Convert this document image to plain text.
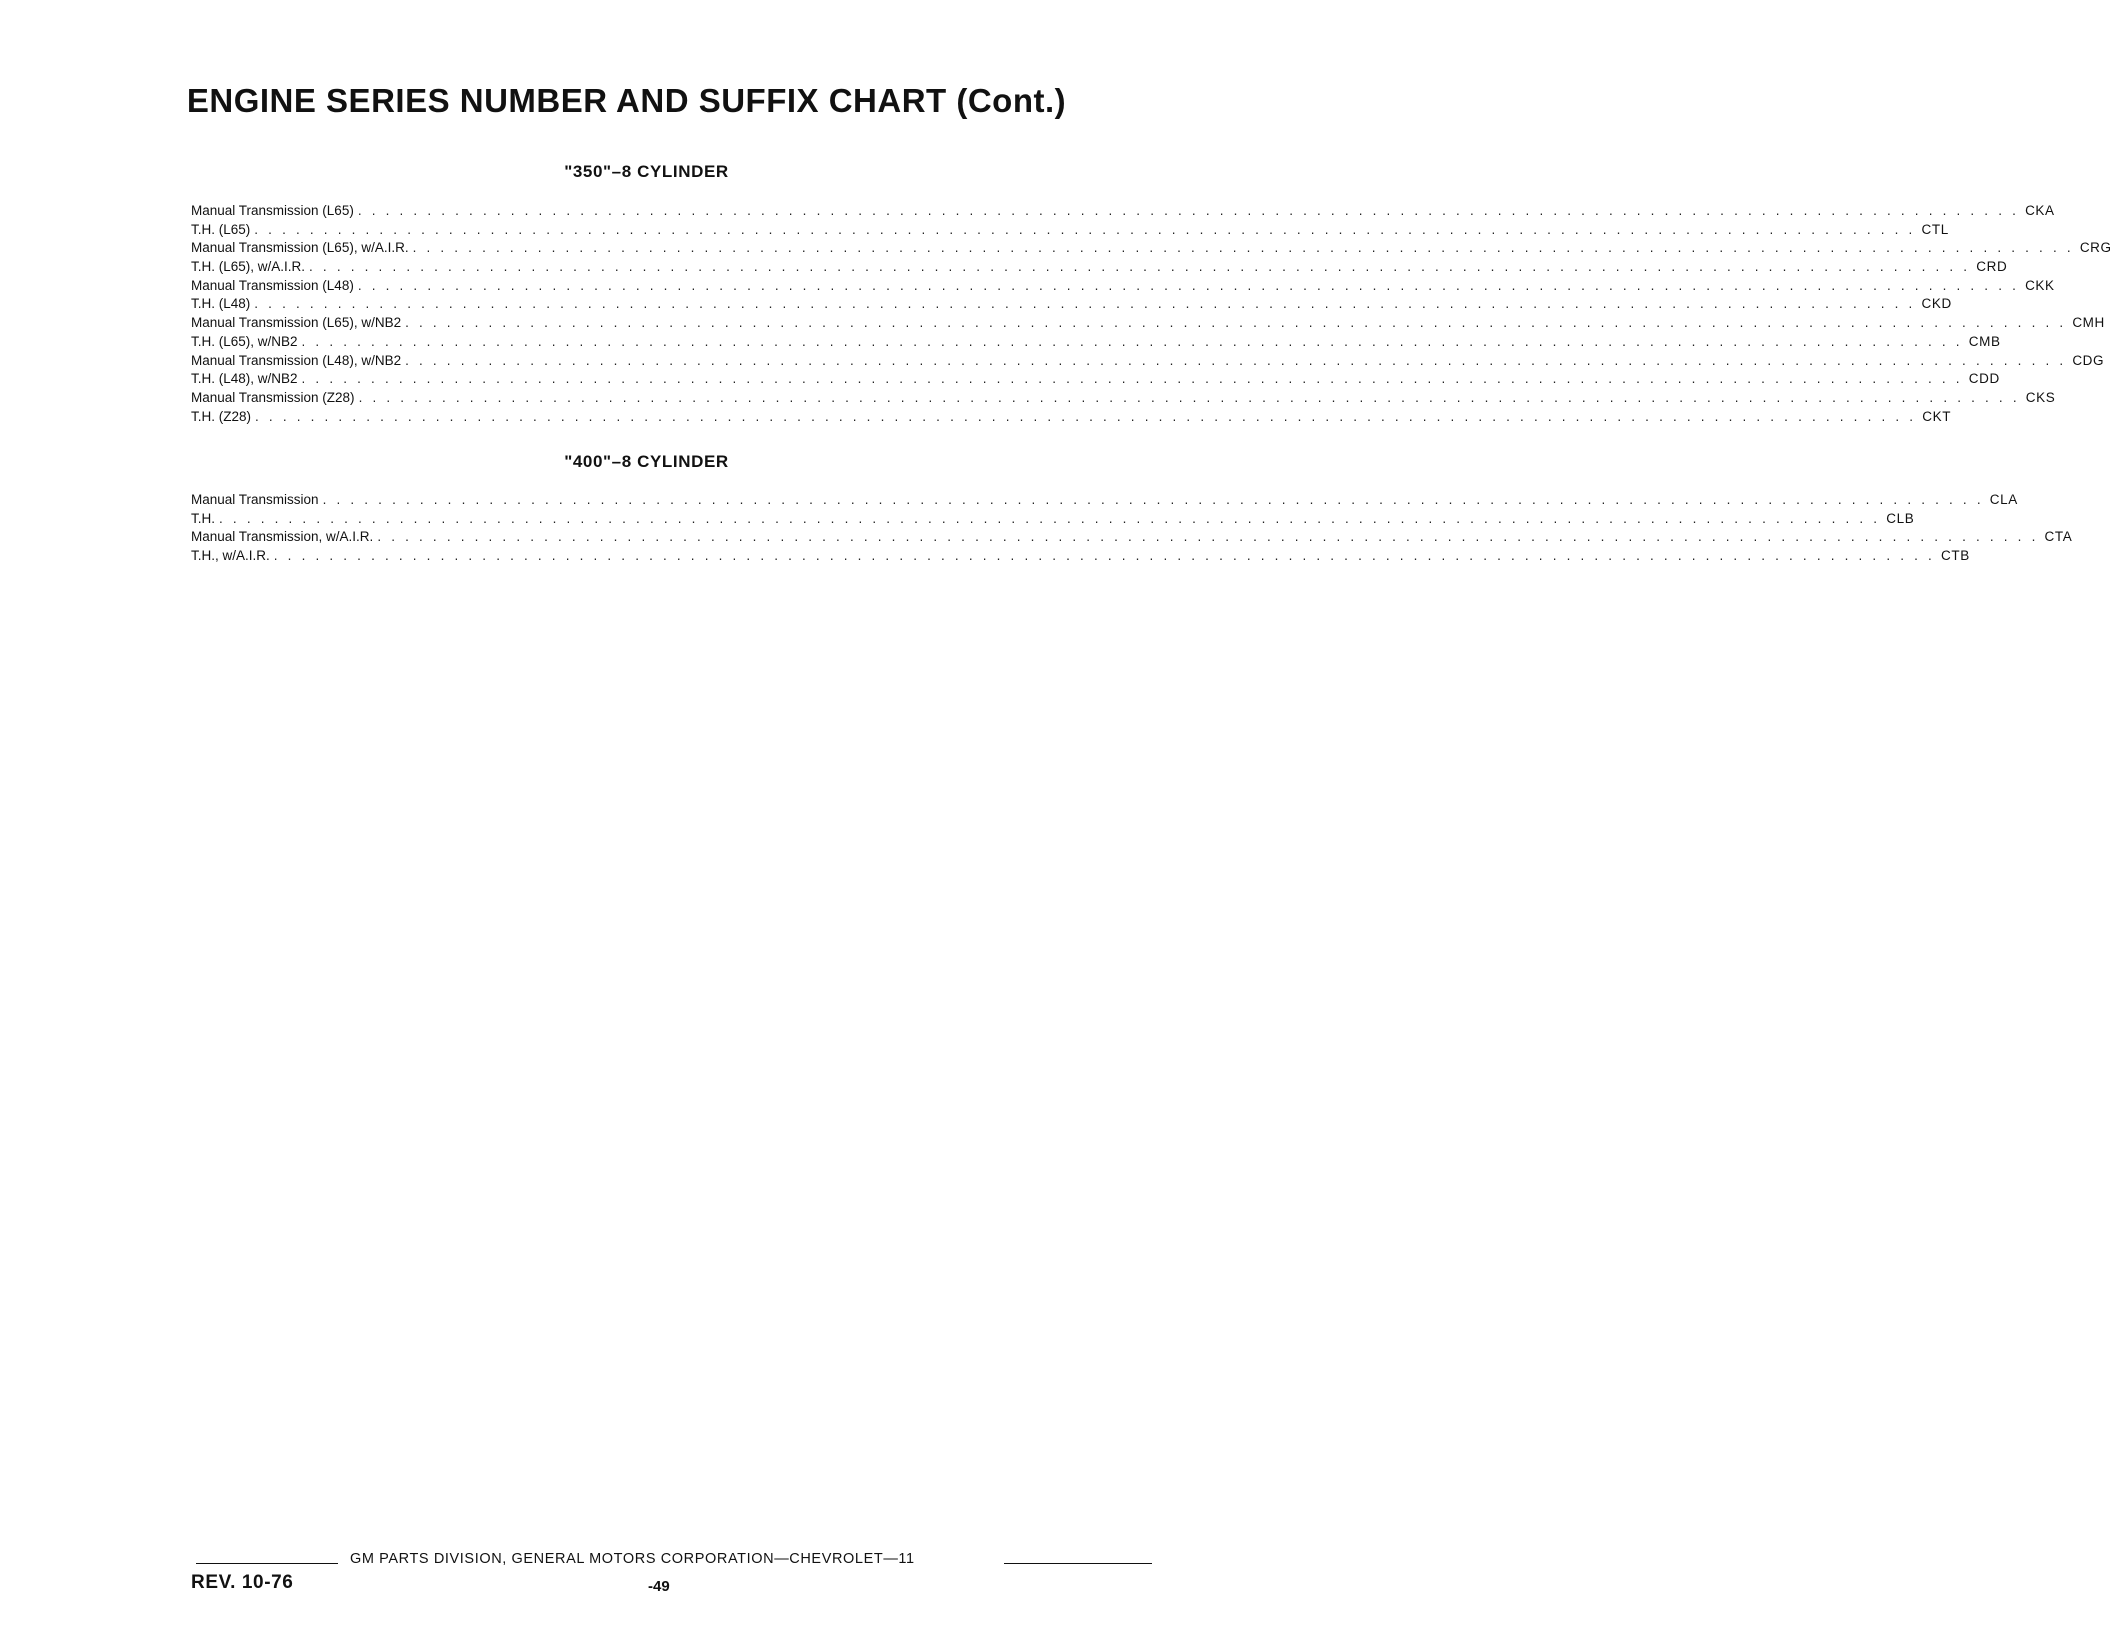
ENGINE SERIES NUMBER AND SUFFIX CHART (Cont.)
"350"–8 CYLINDER
Manual Transmission (L65) . . . . . . . . . . . . . . . . . . . . . . . . . . . . . . . . . . . . . . . . . . . . . . . . . . . . . . . . . . . . . . . . . . . . . . . . . . . . . . . . . . . . . . . . . . . . . . . . . . . . . . . . . . . . . . . . . . . . . . . . CKA
T.H. (L65) . . . . . . . . . . . . . . . . . . . . . . . . . . . . . . . . . . . . . . . . . . . . . . . . . . . . . . . . . . . . . . . . . . . . . . . . . . . . . . . . . . . . . . . . . . . . . . . . . . . . . . . . . . . . . . . . . . . . . . . . CTL
Manual Transmission (L65), w/A.I.R. . . . . . . . . . . . . . . . . . . . . . . . . . . . . . . . . . . . . . . . . . . . . . . . . . . . . . . . . . . . . . . . . . . . . . . . . . . . . . . . . . . . . . . . . . . . . . . . . . . . . . . . . . . . . . . . . . . . . . . . . CRG
T.H. (L65), w/A.I.R. . . . . . . . . . . . . . . . . . . . . . . . . . . . . . . . . . . . . . . . . . . . . . . . . . . . . . . . . . . . . . . . . . . . . . . . . . . . . . . . . . . . . . . . . . . . . . . . . . . . . . . . . . . . . . . . . . . . . . . . . CRD
Manual Transmission (L48) . . . . . . . . . . . . . . . . . . . . . . . . . . . . . . . . . . . . . . . . . . . . . . . . . . . . . . . . . . . . . . . . . . . . . . . . . . . . . . . . . . . . . . . . . . . . . . . . . . . . . . . . . . . . . . . . . . . . . . . . CKK
T.H. (L48) . . . . . . . . . . . . . . . . . . . . . . . . . . . . . . . . . . . . . . . . . . . . . . . . . . . . . . . . . . . . . . . . . . . . . . . . . . . . . . . . . . . . . . . . . . . . . . . . . . . . . . . . . . . . . . . . . . . . . . . . CKD
Manual Transmission (L65), w/NB2 . . . . . . . . . . . . . . . . . . . . . . . . . . . . . . . . . . . . . . . . . . . . . . . . . . . . . . . . . . . . . . . . . . . . . . . . . . . . . . . . . . . . . . . . . . . . . . . . . . . . . . . . . . . . . . . . . . . . . . . . CMH
T.H. (L65), w/NB2 . . . . . . . . . . . . . . . . . . . . . . . . . . . . . . . . . . . . . . . . . . . . . . . . . . . . . . . . . . . . . . . . . . . . . . . . . . . . . . . . . . . . . . . . . . . . . . . . . . . . . . . . . . . . . . . . . . . . . . . . CMB
Manual Transmission (L48), w/NB2 . . . . . . . . . . . . . . . . . . . . . . . . . . . . . . . . . . . . . . . . . . . . . . . . . . . . . . . . . . . . . . . . . . . . . . . . . . . . . . . . . . . . . . . . . . . . . . . . . . . . . . . . . . . . . . . . . . . . . . . . CDG
T.H. (L48), w/NB2 . . . . . . . . . . . . . . . . . . . . . . . . . . . . . . . . . . . . . . . . . . . . . . . . . . . . . . . . . . . . . . . . . . . . . . . . . . . . . . . . . . . . . . . . . . . . . . . . . . . . . . . . . . . . . . . . . . . . . . . . CDD
Manual Transmission (Z28) . . . . . . . . . . . . . . . . . . . . . . . . . . . . . . . . . . . . . . . . . . . . . . . . . . . . . . . . . . . . . . . . . . . . . . . . . . . . . . . . . . . . . . . . . . . . . . . . . . . . . . . . . . . . . . . . . . . . . . . . CKS
T.H. (Z28) . . . . . . . . . . . . . . . . . . . . . . . . . . . . . . . . . . . . . . . . . . . . . . . . . . . . . . . . . . . . . . . . . . . . . . . . . . . . . . . . . . . . . . . . . . . . . . . . . . . . . . . . . . . . . . . . . . . . . . . . CKT
"400"–8 CYLINDER
Manual Transmission . . . . . . . . . . . . . . . . . . . . . . . . . . . . . . . . . . . . . . . . . . . . . . . . . . . . . . . . . . . . . . . . . . . . . . . . . . . . . . . . . . . . . . . . . . . . . . . . . . . . . . . . . . . . . . . . . . . . . . . . CLA
T.H. . . . . . . . . . . . . . . . . . . . . . . . . . . . . . . . . . . . . . . . . . . . . . . . . . . . . . . . . . . . . . . . . . . . . . . . . . . . . . . . . . . . . . . . . . . . . . . . . . . . . . . . . . . . . . . . . . . . . . . . . CLB
Manual Transmission, w/A.I.R. . . . . . . . . . . . . . . . . . . . . . . . . . . . . . . . . . . . . . . . . . . . . . . . . . . . . . . . . . . . . . . . . . . . . . . . . . . . . . . . . . . . . . . . . . . . . . . . . . . . . . . . . . . . . . . . . . . . . . . . . CTA
T.H., w/A.I.R. . . . . . . . . . . . . . . . . . . . . . . . . . . . . . . . . . . . . . . . . . . . . . . . . . . . . . . . . . . . . . . . . . . . . . . . . . . . . . . . . . . . . . . . . . . . . . . . . . . . . . . . . . . . . . . . . . . . . . . . . CTB
GM PARTS DIVISION, GENERAL MOTORS CORPORATION—CHEVROLET—11
REV. 10-76	-49
